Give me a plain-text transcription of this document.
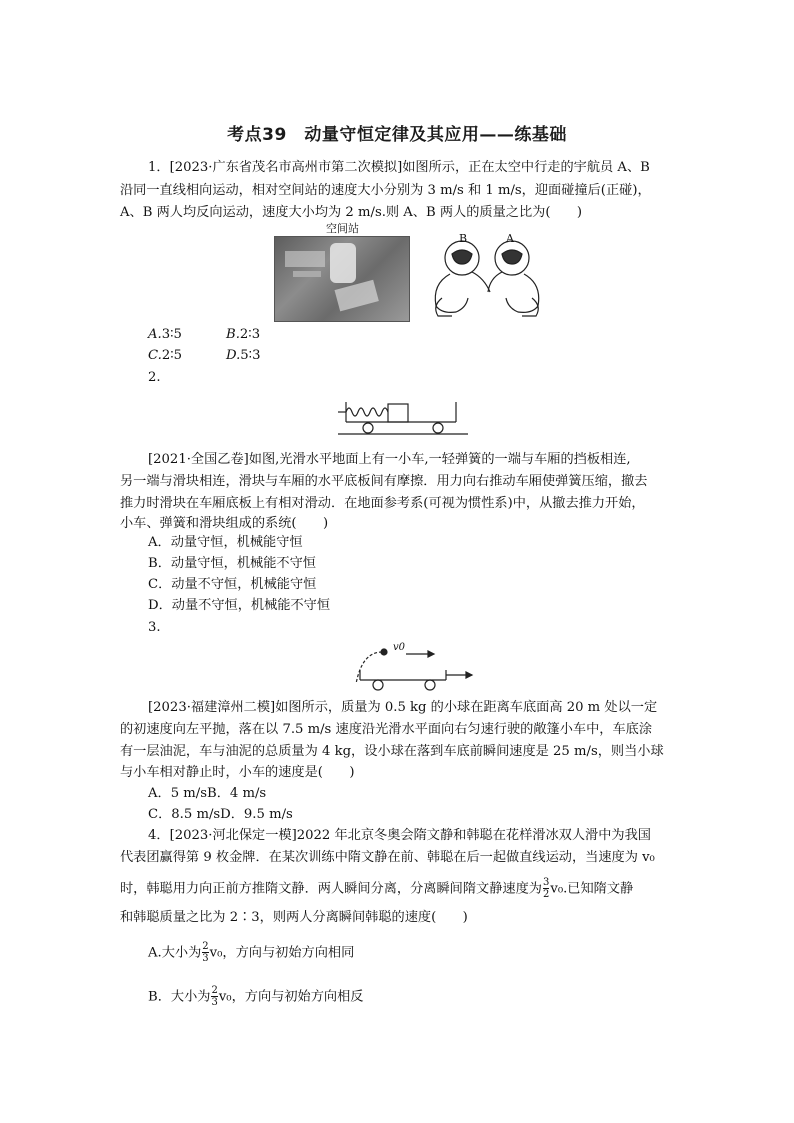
考点39　动量守恒定律及其应用——练基础
1．[2023·广东省茂名市高州市第二次模拟]如图所示，正在太空中行走的宇航员 A、B
沿同一直线相向运动，相对空间站的速度大小分别为 3 m/s 和 1 m/s，迎面碰撞后(正碰)，
A、B 两人均反向运动，速度大小均为 2 m/s.则 A、B 两人的质量之比为(　　)
空间站
B	A
A.3∶5	B.2∶3
C.2∶5	D.5∶3
2.
[2021·全国乙卷]如图,光滑水平地面上有一小车,一轻弹簧的一端与车厢的挡板相连,
另一端与滑块相连，滑块与车厢的水平底板间有摩擦．用力向右推动车厢使弹簧压缩，撤去
推力时滑块在车厢底板上有相对滑动．在地面参考系(可视为惯性系)中，从撤去推力开始，
小车、弹簧和滑块组成的系统(　　)
A．动量守恒，机械能守恒
B．动量守恒，机械能不守恒
C．动量不守恒，机械能守恒
D．动量不守恒，机械能不守恒
3.
v0
[2023·福建漳州二模]如图所示，质量为 0.5 kg 的小球在距离车底面高 20 m 处以一定
的初速度向左平抛，落在以 7.5 m/s 速度沿光滑水平面向右匀速行驶的敞篷小车中，车底涂
有一层油泥，车与油泥的总质量为 4 kg，设小球在落到车底前瞬间速度是 25 m/s，则当小球
与小车相对静止时，小车的速度是(　　)
A．5 m/sB．4 m/s
C．8.5 m/sD．9.5 m/s
4．[2023·河北保定一模]2022 年北京冬奥会隋文静和韩聪在花样滑冰双人滑中为我国
代表团赢得第 9 枚金牌．在某次训练中隋文静在前、韩聪在后一起做直线运动，当速度为 v₀
时，韩聪用力向正前方推隋文静．两人瞬间分离，分离瞬间隋文静速度为 $\frac{3}{2} v_0$.已知隋文静
和韩聪质量之比为 2∶3，则两人分离瞬间韩聪的速度(　　)
A.大小为 $\frac{2}{3} v_0$，方向与初始方向相同
B．大小为 $\frac{2}{3} v_0$，方向与初始方向相反
